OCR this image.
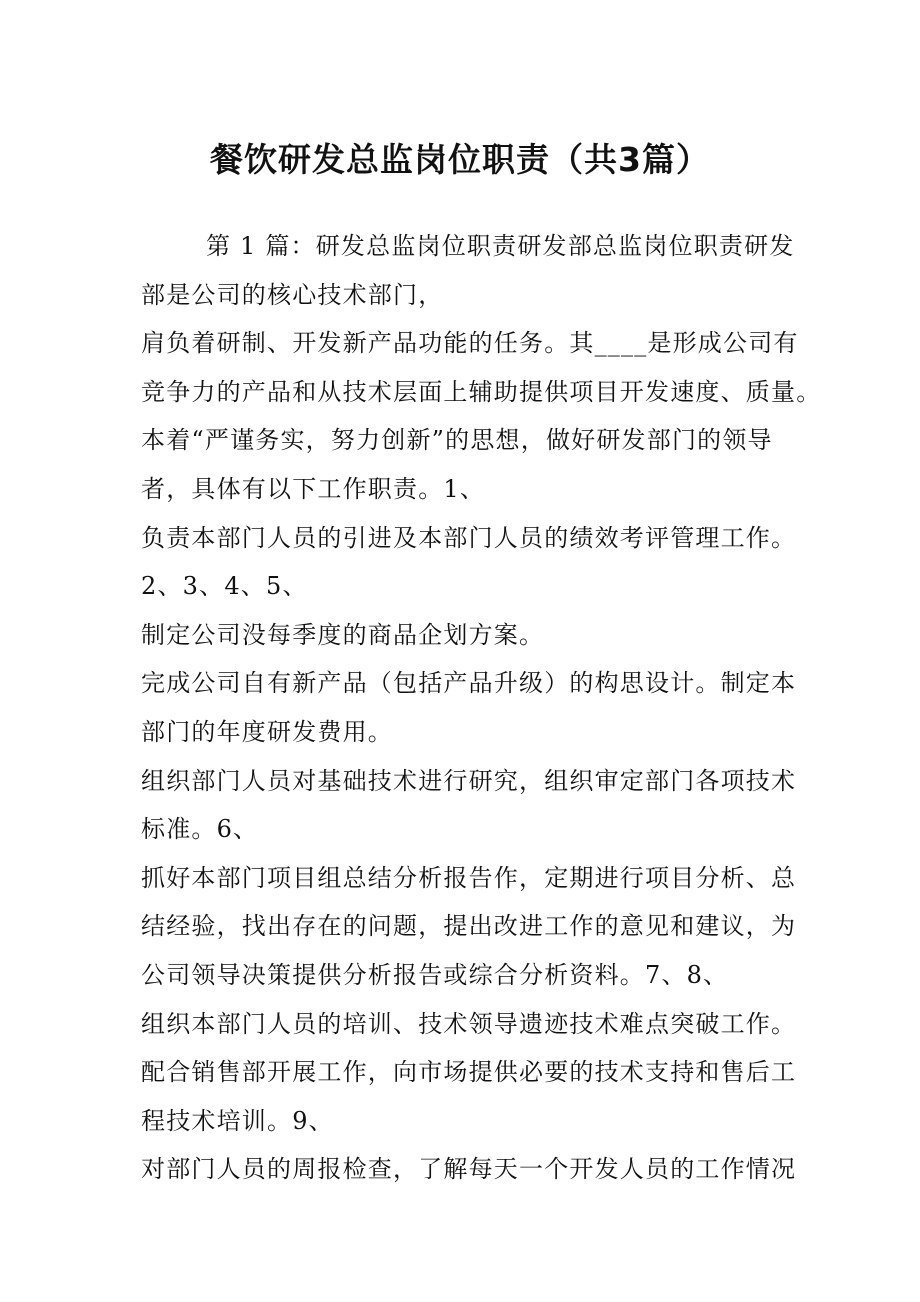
餐饮研发总监岗位职责（共3篇）
第 1 篇：研发总监岗位职责研发部总监岗位职责研发
部是公司的核心技术部门，
肩负着研制、开发新产品功能的任务。其____是形成公司有
竞争力的产品和从技术层面上辅助提供项目开发速度、质量。
本着“严谨务实，努力创新”的思想，做好研发部门的领导
者，具体有以下工作职责。1、
负责本部门人员的引进及本部门人员的绩效考评管理工作。
2、3、4、5、
制定公司没每季度的商品企划方案。
完成公司自有新产品（包括产品升级）的构思设计。制定本
部门的年度研发费用。
组织部门人员对基础技术进行研究，组织审定部门各项技术
标准。6、
抓好本部门项目组总结分析报告作，定期进行项目分析、总
结经验，找出存在的问题，提出改进工作的意见和建议，为
公司领导决策提供分析报告或综合分析资料。7、8、
组织本部门人员的培训、技术领导遗迹技术难点突破工作。
配合销售部开展工作，向市场提供必要的技术支持和售后工
程技术培训。9、
对部门人员的周报检查，了解每天一个开发人员的工作情况
